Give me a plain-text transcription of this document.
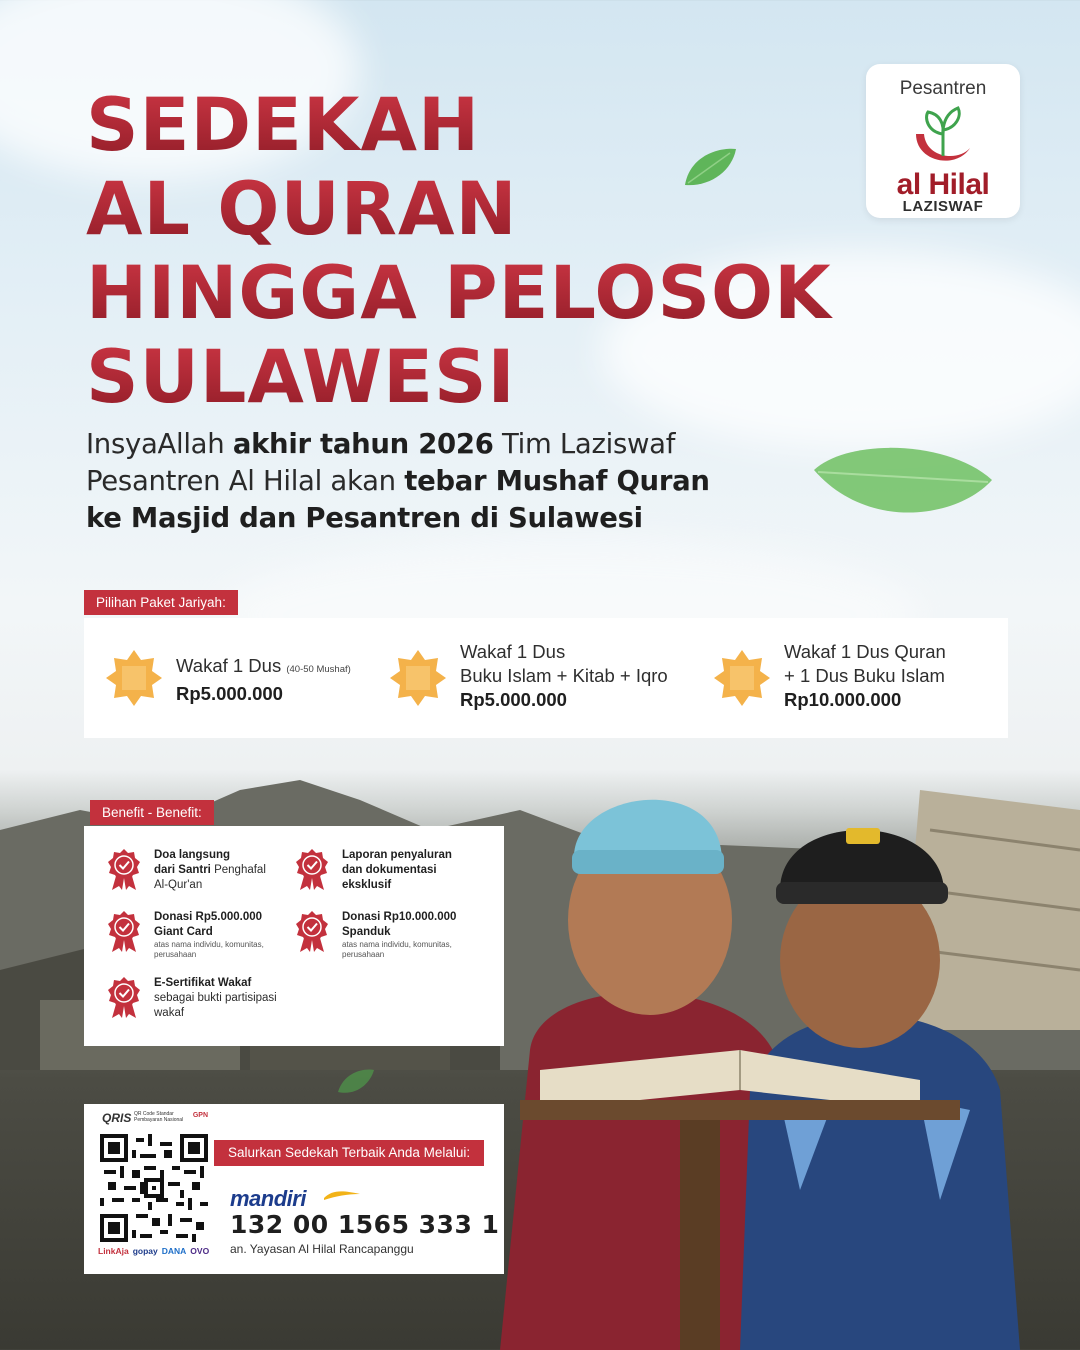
Pesantren
al Hilal
LAZISWAF
SEDEKAH
AL QURAN
HINGGA PELOSOK
SULAWESI
InsyaAllah akhir tahun 2026 Tim Laziswaf
Pesantren Al Hilal akan tebar Mushaf Quran
ke Masjid dan Pesantren di Sulawesi
Pilihan Paket Jariyah:
Wakaf 1 Dus (40-50 Mushaf)
Rp5.000.000
Wakaf 1 Dus
Buku Islam + Kitab + Iqro
Rp5.000.000
Wakaf 1 Dus Quran
+ 1 Dus Buku Islam
Rp10.000.000
Benefit - Benefit:
Doa langsung
dari Santri Penghafal
Al-Qur'an
Laporan penyaluran
dan dokumentasi
eksklusif
Donasi Rp5.000.000
Giant Card
atas nama individu, komunitas, perusahaan
Donasi Rp10.000.000
Spanduk
atas nama individu, komunitas, perusahaan
E-Sertifikat Wakaf
sebagai bukti partisipasi
wakaf
QRIS QR Code Standar Pembayaran Nasional
GPN
LinkAja gopay DANA OVO
mandiri
132 00 1565 333 1
an. Yayasan Al Hilal Rancapanggu
Salurkan Sedekah Terbaik Anda Melalui:
